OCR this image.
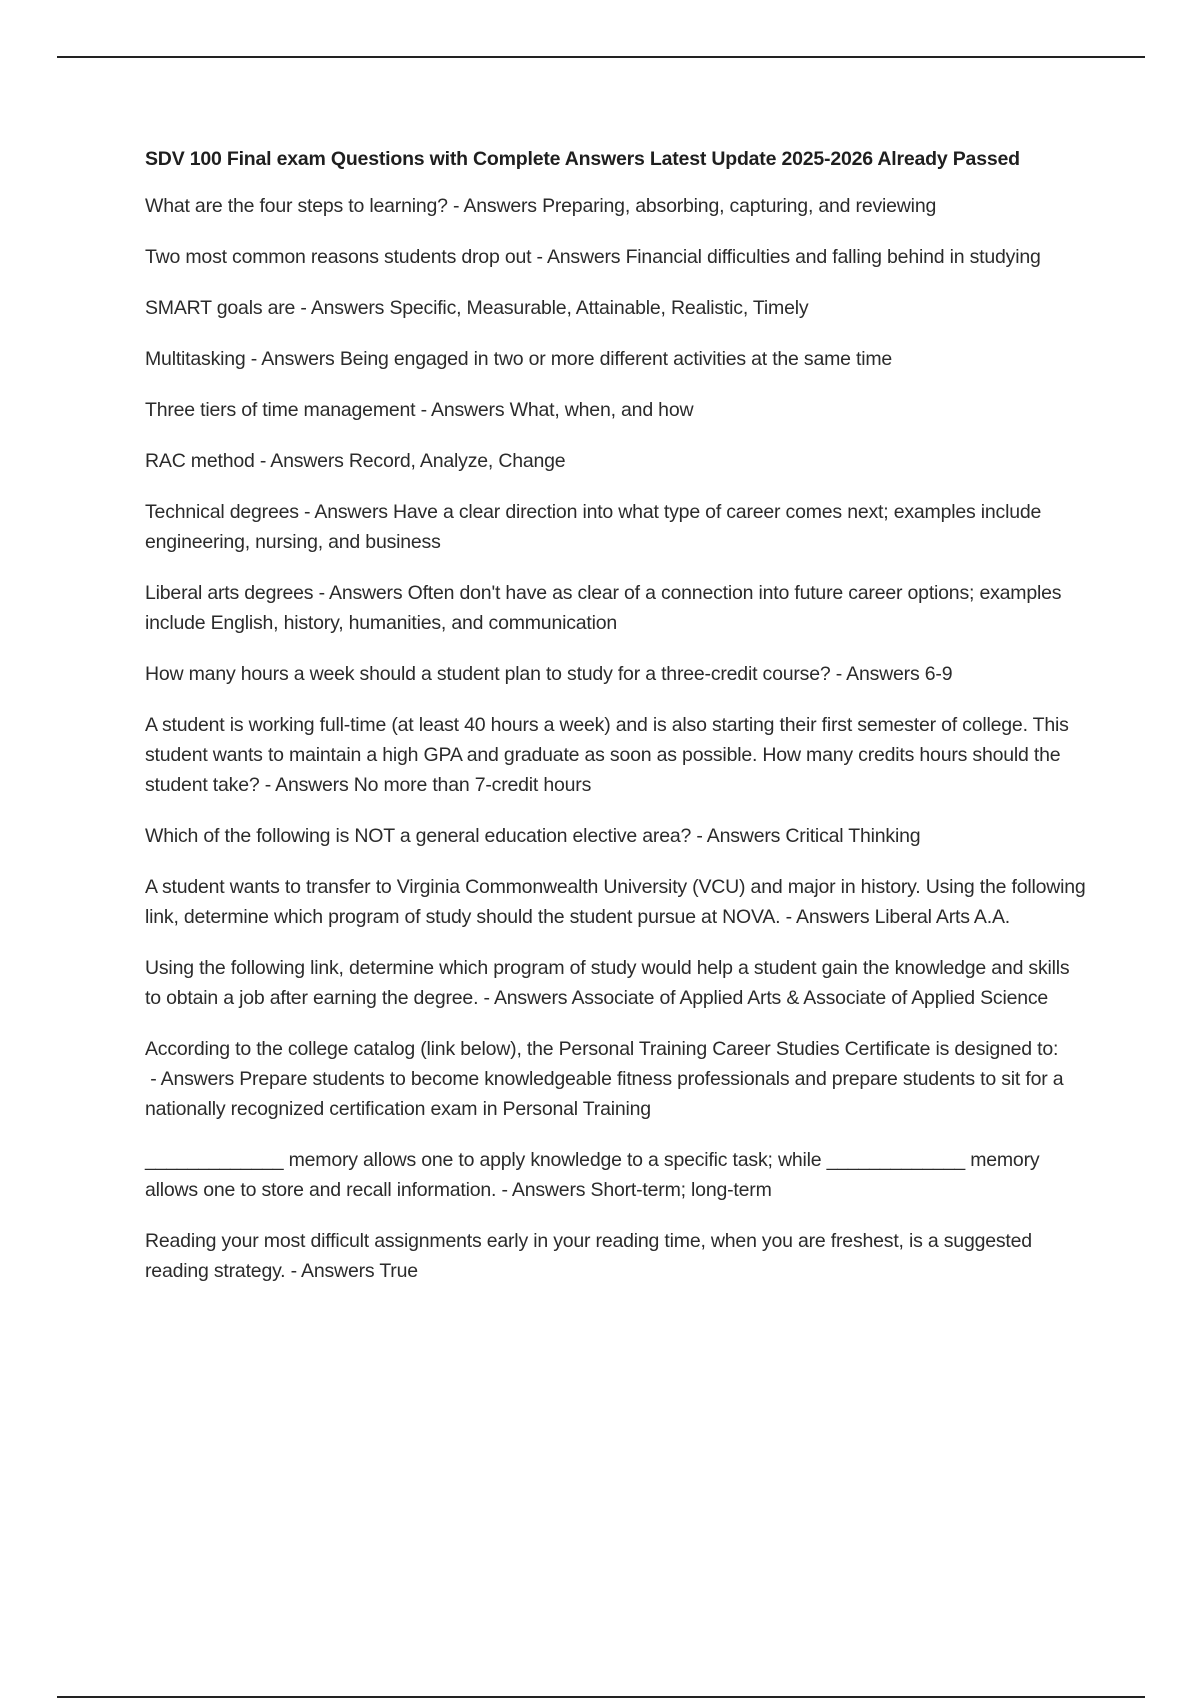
SDV 100 Final exam Questions with Complete Answers Latest Update 2025-2026 Already Passed
What are the four steps to learning? - Answers Preparing, absorbing, capturing, and reviewing
Two most common reasons students drop out - Answers Financial difficulties and falling behind in studying
SMART goals are - Answers Specific, Measurable, Attainable, Realistic, Timely
Multitasking - Answers Being engaged in two or more different activities at the same time
Three tiers of time management - Answers What, when, and how
RAC method - Answers Record, Analyze, Change
Technical degrees - Answers Have a clear direction into what type of career comes next; examples include engineering, nursing, and business
Liberal arts degrees - Answers Often don't have as clear of a connection into future career options; examples include English, history, humanities, and communication
How many hours a week should a student plan to study for a three-credit course? - Answers 6-9
A student is working full-time (at least 40 hours a week) and is also starting their first semester of college. This student wants to maintain a high GPA and graduate as soon as possible. How many credits hours should the student take? - Answers No more than 7-credit hours
Which of the following is NOT a general education elective area? - Answers Critical Thinking
A student wants to transfer to Virginia Commonwealth University (VCU) and major in history. Using the following link, determine which program of study should the student pursue at NOVA. - Answers Liberal Arts A.A.
Using the following link, determine which program of study would help a student gain the knowledge and skills to obtain a job after earning the degree. - Answers Associate of Applied Arts & Associate of Applied Science
According to the college catalog (link below), the Personal Training Career Studies Certificate is designed to: - Answers Prepare students to become knowledgeable fitness professionals and prepare students to sit for a nationally recognized certification exam in Personal Training
_____________ memory allows one to apply knowledge to a specific task; while _____________ memory allows one to store and recall information. - Answers Short-term; long-term
Reading your most difficult assignments early in your reading time, when you are freshest, is a suggested reading strategy. - Answers True
